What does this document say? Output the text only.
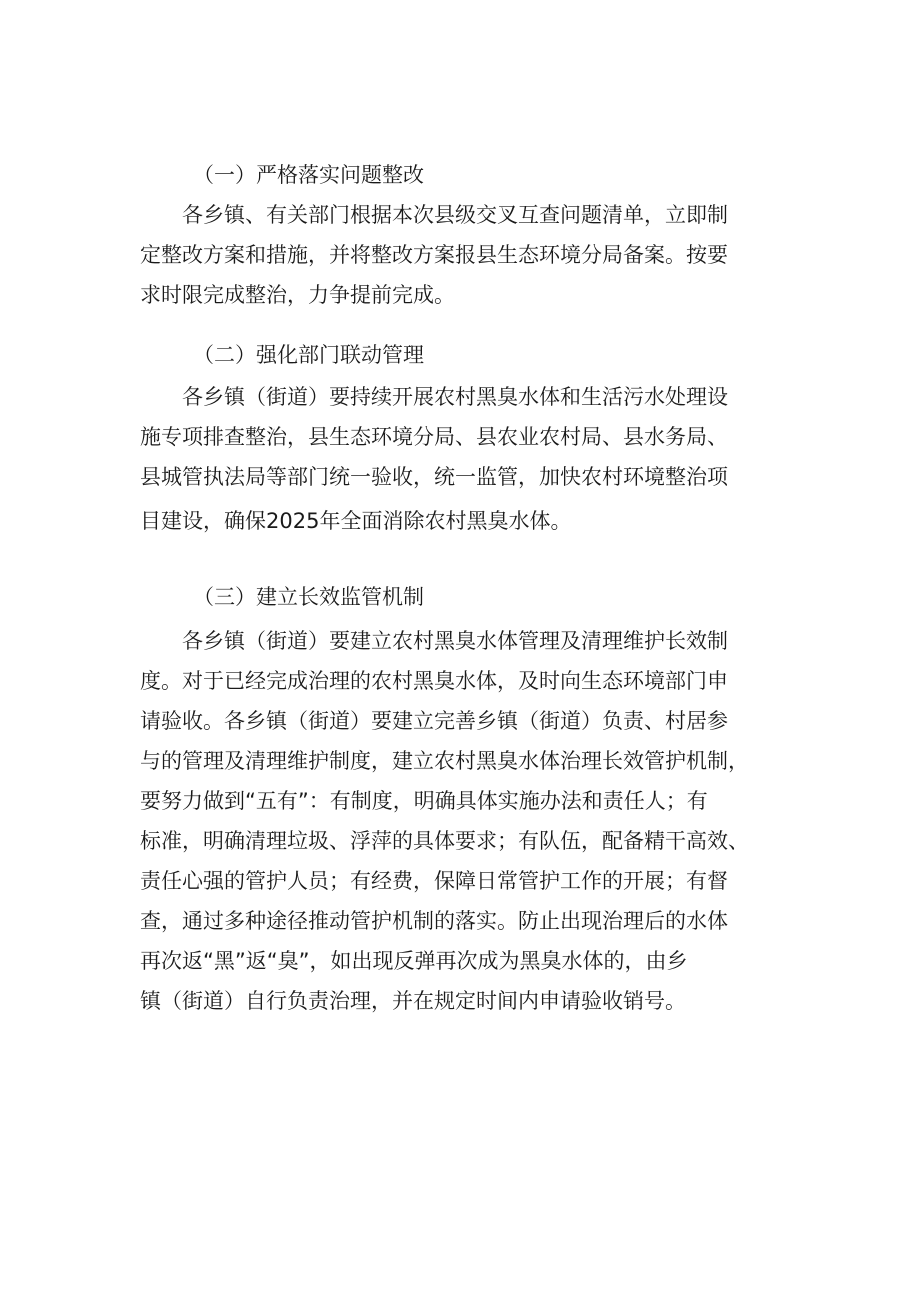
（一）严格落实问题整改
各乡镇、有关部门根据本次县级交叉互查问题清单，立即制
定整改方案和措施，并将整改方案报县生态环境分局备案。按要
求时限完成整治，力争提前完成。
（二）强化部门联动管理
各乡镇（街道）要持续开展农村黑臭水体和生活污水处理设
施专项排查整治，县生态环境分局、县农业农村局、县水务局、
县城管执法局等部门统一验收，统一监管，加快农村环境整治项
目建设，确保2025年全面消除农村黑臭水体。
（三）建立长效监管机制
各乡镇（街道）要建立农村黑臭水体管理及清理维护长效制
度。对于已经完成治理的农村黑臭水体，及时向生态环境部门申
请验收。各乡镇（街道）要建立完善乡镇（街道）负责、村居参
与的管理及清理维护制度，建立农村黑臭水体治理长效管护机制，
要努力做到“五有”：有制度，明确具体实施办法和责任人；有
标准，明确清理垃圾、浮萍的具体要求；有队伍，配备精干高效、
责任心强的管护人员；有经费，保障日常管护工作的开展；有督
查，通过多种途径推动管护机制的落实。防止出现治理后的水体
再次返“黑”返“臭”，如出现反弹再次成为黑臭水体的，由乡
镇（街道）自行负责治理，并在规定时间内申请验收销号。
